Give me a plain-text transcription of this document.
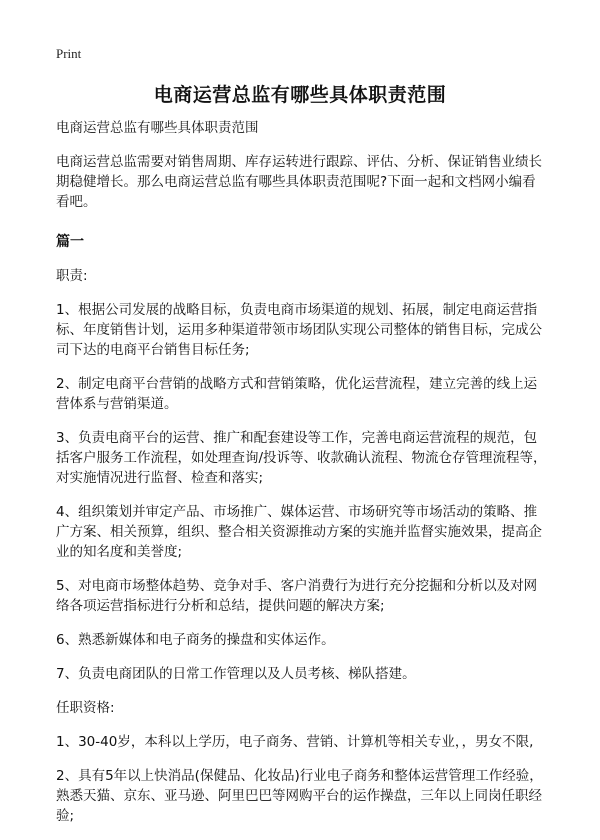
Print
电商运营总监有哪些具体职责范围

电商运营总监有哪些具体职责范围

电商运营总监需要对销售周期、库存运转进行跟踪、评估、分析、保证销售业绩长期稳健增长。那么电商运营总监有哪些具体职责范围呢?下面一起和文档网小编看看吧。

篇一

职责:

1、根据公司发展的战略目标，负责电商市场渠道的规划、拓展，制定电商运营指标、年度销售计划，运用多种渠道带领市场团队实现公司整体的销售目标，完成公司下达的电商平台销售目标任务;

2、制定电商平台营销的战略方式和营销策略，优化运营流程，建立完善的线上运营体系与营销渠道。

3、负责电商平台的运营、推广和配套建设等工作，完善电商运营流程的规范，包括客户服务工作流程，如处理查询/投诉等、收款确认流程、物流仓存管理流程等，对实施情况进行监督、检查和落实;

4、组织策划并审定产品、市场推广、媒体运营、市场研究等市场活动的策略、推广方案、相关预算，组织、整合相关资源推动方案的实施并监督实施效果，提高企业的知名度和美誉度;

5、对电商市场整体趋势、竞争对手、客户消费行为进行充分挖掘和分析以及对网络各项运营指标进行分析和总结，提供问题的解决方案;

6、熟悉新媒体和电子商务的操盘和实体运作。

7、负责电商团队的日常工作管理以及人员考核、梯队搭建。

任职资格:

1、30-40岁，本科以上学历，电子商务、营销、计算机等相关专业，，男女不限,

2、具有5年以上快消品(保健品、化妆品)行业电子商务和整体运营管理工作经验，熟悉天猫、京东、亚马逊、阿里巴巴等网购平台的运作操盘，三年以上同岗任职经验;
